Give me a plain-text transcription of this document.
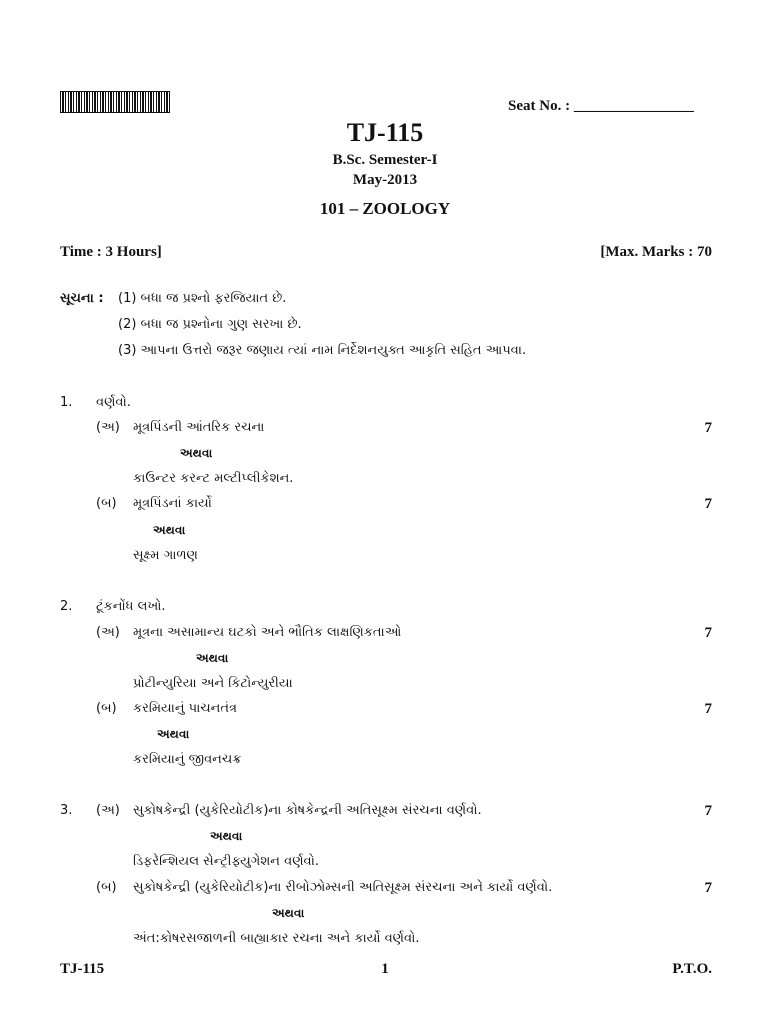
Seat No. : ________________
TJ-115
B.Sc. Semester-I
May-2013
101 – ZOOLOGY
Time : 3 Hours]	[Max. Marks : 70
સૂચના : (1) બધા જ પ્રશ્નો ફરજિયાત છે.
(2) બધા જ પ્રશ્નોના ગુણ સરખા છે.
(3) આપના ઉત્તરો જરૂર જણાય ત્યાં નામ નિર્દેશનયુક્ત આકૃતિ સહિત આપવા.
1. વર્ણવો.
(અ) મૂત્રપિંડની આંતરિક રચના	7
અથવા
કાઉન્ટર કરન્ટ મલ્ટીપ્લીકેશન.
(બ) મૂત્રપિંડનાં કાર્યો	7
અથવા
સૂક્ષ્મ ગાળણ
2. ટૂંકનોંધ લખો.
(અ) મૂત્રના અસામાન્ય ઘટકો અને ભૌતિક લાક્ષણિકતાઓ	7
અથવા
પ્રોટીન્યુરિયા અને કિટોન્યુરીયા
(બ) કરમિયાનું પાચનતંત્ર	7
અથવા
કરમિયાનું જીવનચક્ર
3. (અ) સુકોષકેન્દ્રી (યુકેરિયોટીક)ના કોષકેન્દ્રની અતિસૂક્ષ્મ સંરચના વર્ણવો.	7
અથવા
ડિફરેન્શિયલ સેન્ટ્રીફ્યુગેશન વર્ણવો.
(બ) સુકોષકેન્દ્રી (યુકેરિયોટીક)ના રીબોઝોમ્સની અતિસૂક્ષ્મ સંરચના અને કાર્યો વર્ણવો.	7
અથવા
અંત:કોષરસજાળની બાહ્યાકાર રચના અને કાર્યો વર્ણવો.
TJ-115	1	P.T.O.
